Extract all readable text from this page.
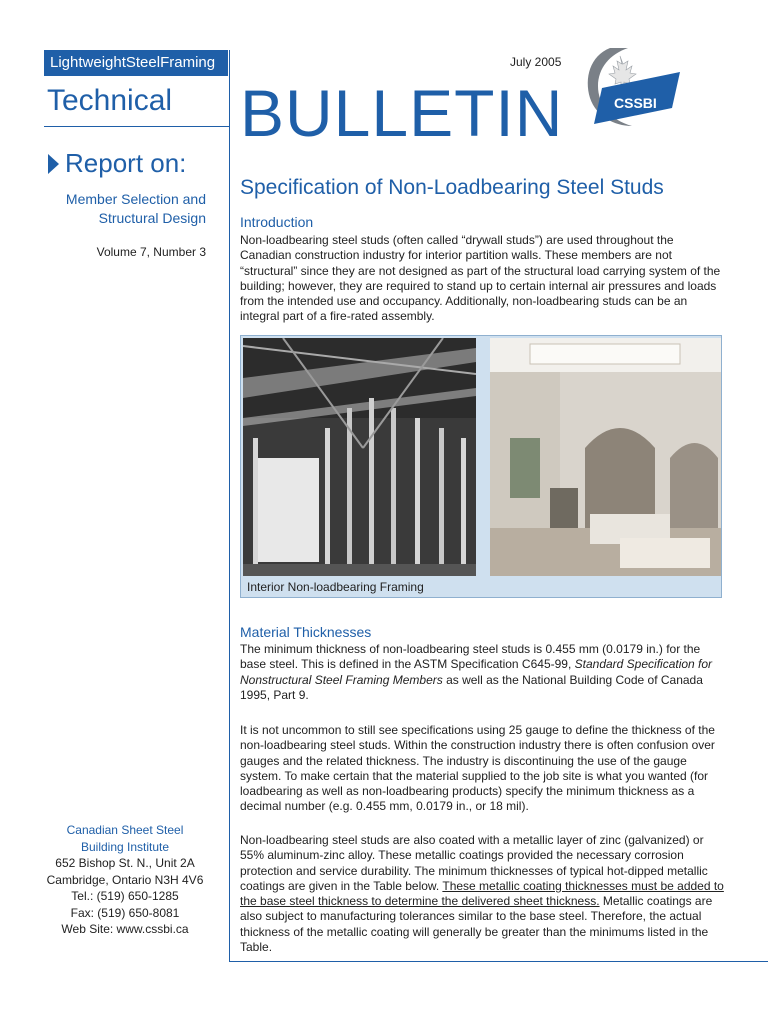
LightweightSteelFraming
Technical
July 2005
BULLETIN	CSSBI
Report on:
Member Selection and
Structural Design
Volume 7, Number 3
Canadian Sheet Steel
Building Institute
652 Bishop St. N., Unit 2A
Cambridge, Ontario N3H 4V6
Tel.: (519) 650-1285
Fax: (519) 650-8081
Web Site: www.cssbi.ca
Specification of Non-Loadbearing Steel Studs
Introduction
Non-loadbearing steel studs (often called “drywall studs”) are used throughout the Canadian construction industry for interior partition walls. These members are not “structural” since they are not designed as part of the structural load carrying system of the building; however, they are required to stand up to certain internal air pressures and loads from the intended use and occupancy. Additionally, non-loadbearing studs can be an integral part of a fire-rated assembly.
Interior Non-loadbearing Framing
Material Thicknesses
The minimum thickness of non-loadbearing steel studs is 0.455 mm (0.0179 in.) for the base steel. This is defined in the ASTM Specification C645-99, Standard Specification for Nonstructural Steel Framing Members as well as the National Building Code of Canada 1995, Part 9.
It is not uncommon to still see specifications using 25 gauge to define the thickness of the non-loadbearing steel studs. Within the construction industry there is often confusion over gauges and the related thickness. The industry is discontinuing the use of the gauge system. To make certain that the material supplied to the job site is what you wanted (for loadbearing as well as non-loadbearing products) specify the minimum thickness as a decimal number (e.g. 0.455 mm, 0.0179 in., or 18 mil).
Non-loadbearing steel studs are also coated with a metallic layer of zinc (galvanized) or 55% aluminum-zinc alloy. These metallic coatings provided the necessary corrosion protection and service durability. The minimum thicknesses of typical hot-dipped metallic coatings are given in the Table below. These metallic coating thicknesses must be added to the base steel thickness to determine the delivered sheet thickness. Metallic coatings are also subject to manufacturing tolerances similar to the base steel. Therefore, the actual thickness of the metallic coating will generally be greater than the minimums listed in the Table.
